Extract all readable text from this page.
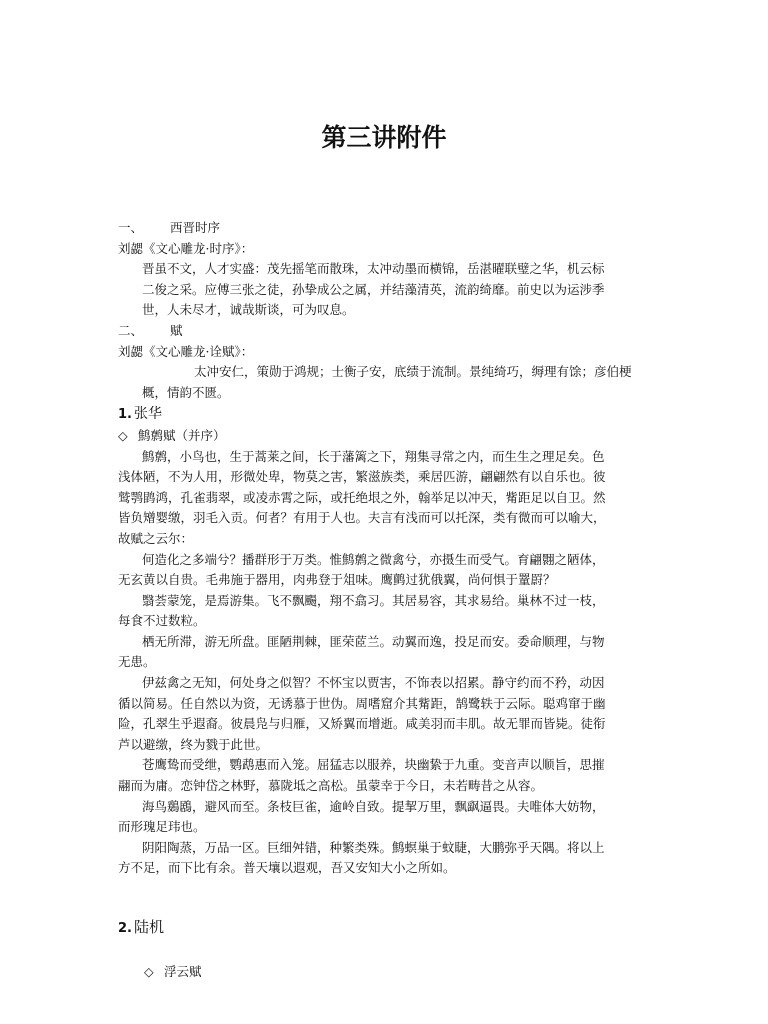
第三讲附件
一、 西晋时序
刘勰《文心雕龙·时序》：
晋虽不文，人才实盛：茂先摇笔而散珠，太冲动墨而横锦，岳湛曜联璧之华，机云标
二俊之采。应傅三张之徒，孙挚成公之属，并结藻清英，流韵绮靡。前史以为运涉季
世，人未尽才，诚哉斯谈，可为叹息。
二、 赋
刘勰《文心雕龙·诠赋》：
太冲安仁，策勋于鸿规；士衡子安，底绩于流制。景纯绮巧，缛理有馀；彦伯梗
概，情韵不匮。
1. 张华
◇ 鹪鹩赋（并序）
鹪鹩，小鸟也，生于蒿莱之间，长于藩篱之下，翔集寻常之内，而生生之理足矣。色
浅体陋，不为人用，形微处卑，物莫之害，繁滋族类，乘居匹游，翩翩然有以自乐也。彼
鹫鹗鹍鸿，孔雀翡翠，或凌赤霄之际，或托绝垠之外，翰举足以冲天，觜距足以自卫。然
皆负矰婴缴，羽毛入贡。何者？有用于人也。夫言有浅而可以托深，类有微而可以喻大，
故赋之云尔：
何造化之多端兮？播群形于万类。惟鹪鹩之微禽兮，亦摄生而受气。育翩翾之陋体，
无玄黄以自贵。毛弗施于器用，肉弗登于俎味。鹰鹯过犹俄翼，尚何惧于罿罻？
翳荟蒙笼，是焉游集。飞不飘颺，翔不翕习。其居易容，其求易给。巢林不过一枝，
每食不过数粒。
栖无所滞，游无所盘。匪陋荆棘，匪荣茝兰。动翼而逸，投足而安。委命顺理，与物
无患。
伊兹禽之无知，何处身之似智？不怀宝以贾害，不饰表以招累。静守约而不矜，动因
循以简易。任自然以为资，无诱慕于世伪。周嗜窟介其觜距，鹄鹭轶于云际。聪鸡窜于幽
险，孔翠生乎遐裔。彼晨凫与归雁，又矫翼而增逝。咸美羽而丰肌。故无罪而皆毙。徒衔
芦以避缴，终为戮于此世。
苍鹰鸷而受绁，鹦鹉惠而入笼。屈猛志以服养，块幽絷于九重。变音声以顺旨，思摧
翮而为庸。恋钟岱之林野，慕陇坻之高松。虽蒙幸于今日，未若畴昔之从容。
海鸟鶢鶋，避风而至。条枝巨雀，逾岭自致。提挈万里，飘飖逼畏。夫唯体大妨物，
而形瑰足玮也。
阴阳陶蒸，万品一区。巨细舛错，种繁类殊。鹪螟巢于蚊睫，大鹏弥乎天隅。将以上
方不足，而下比有余。普天壤以遐观，吾又安知大小之所如。
2. 陆机
◇ 浮云赋
